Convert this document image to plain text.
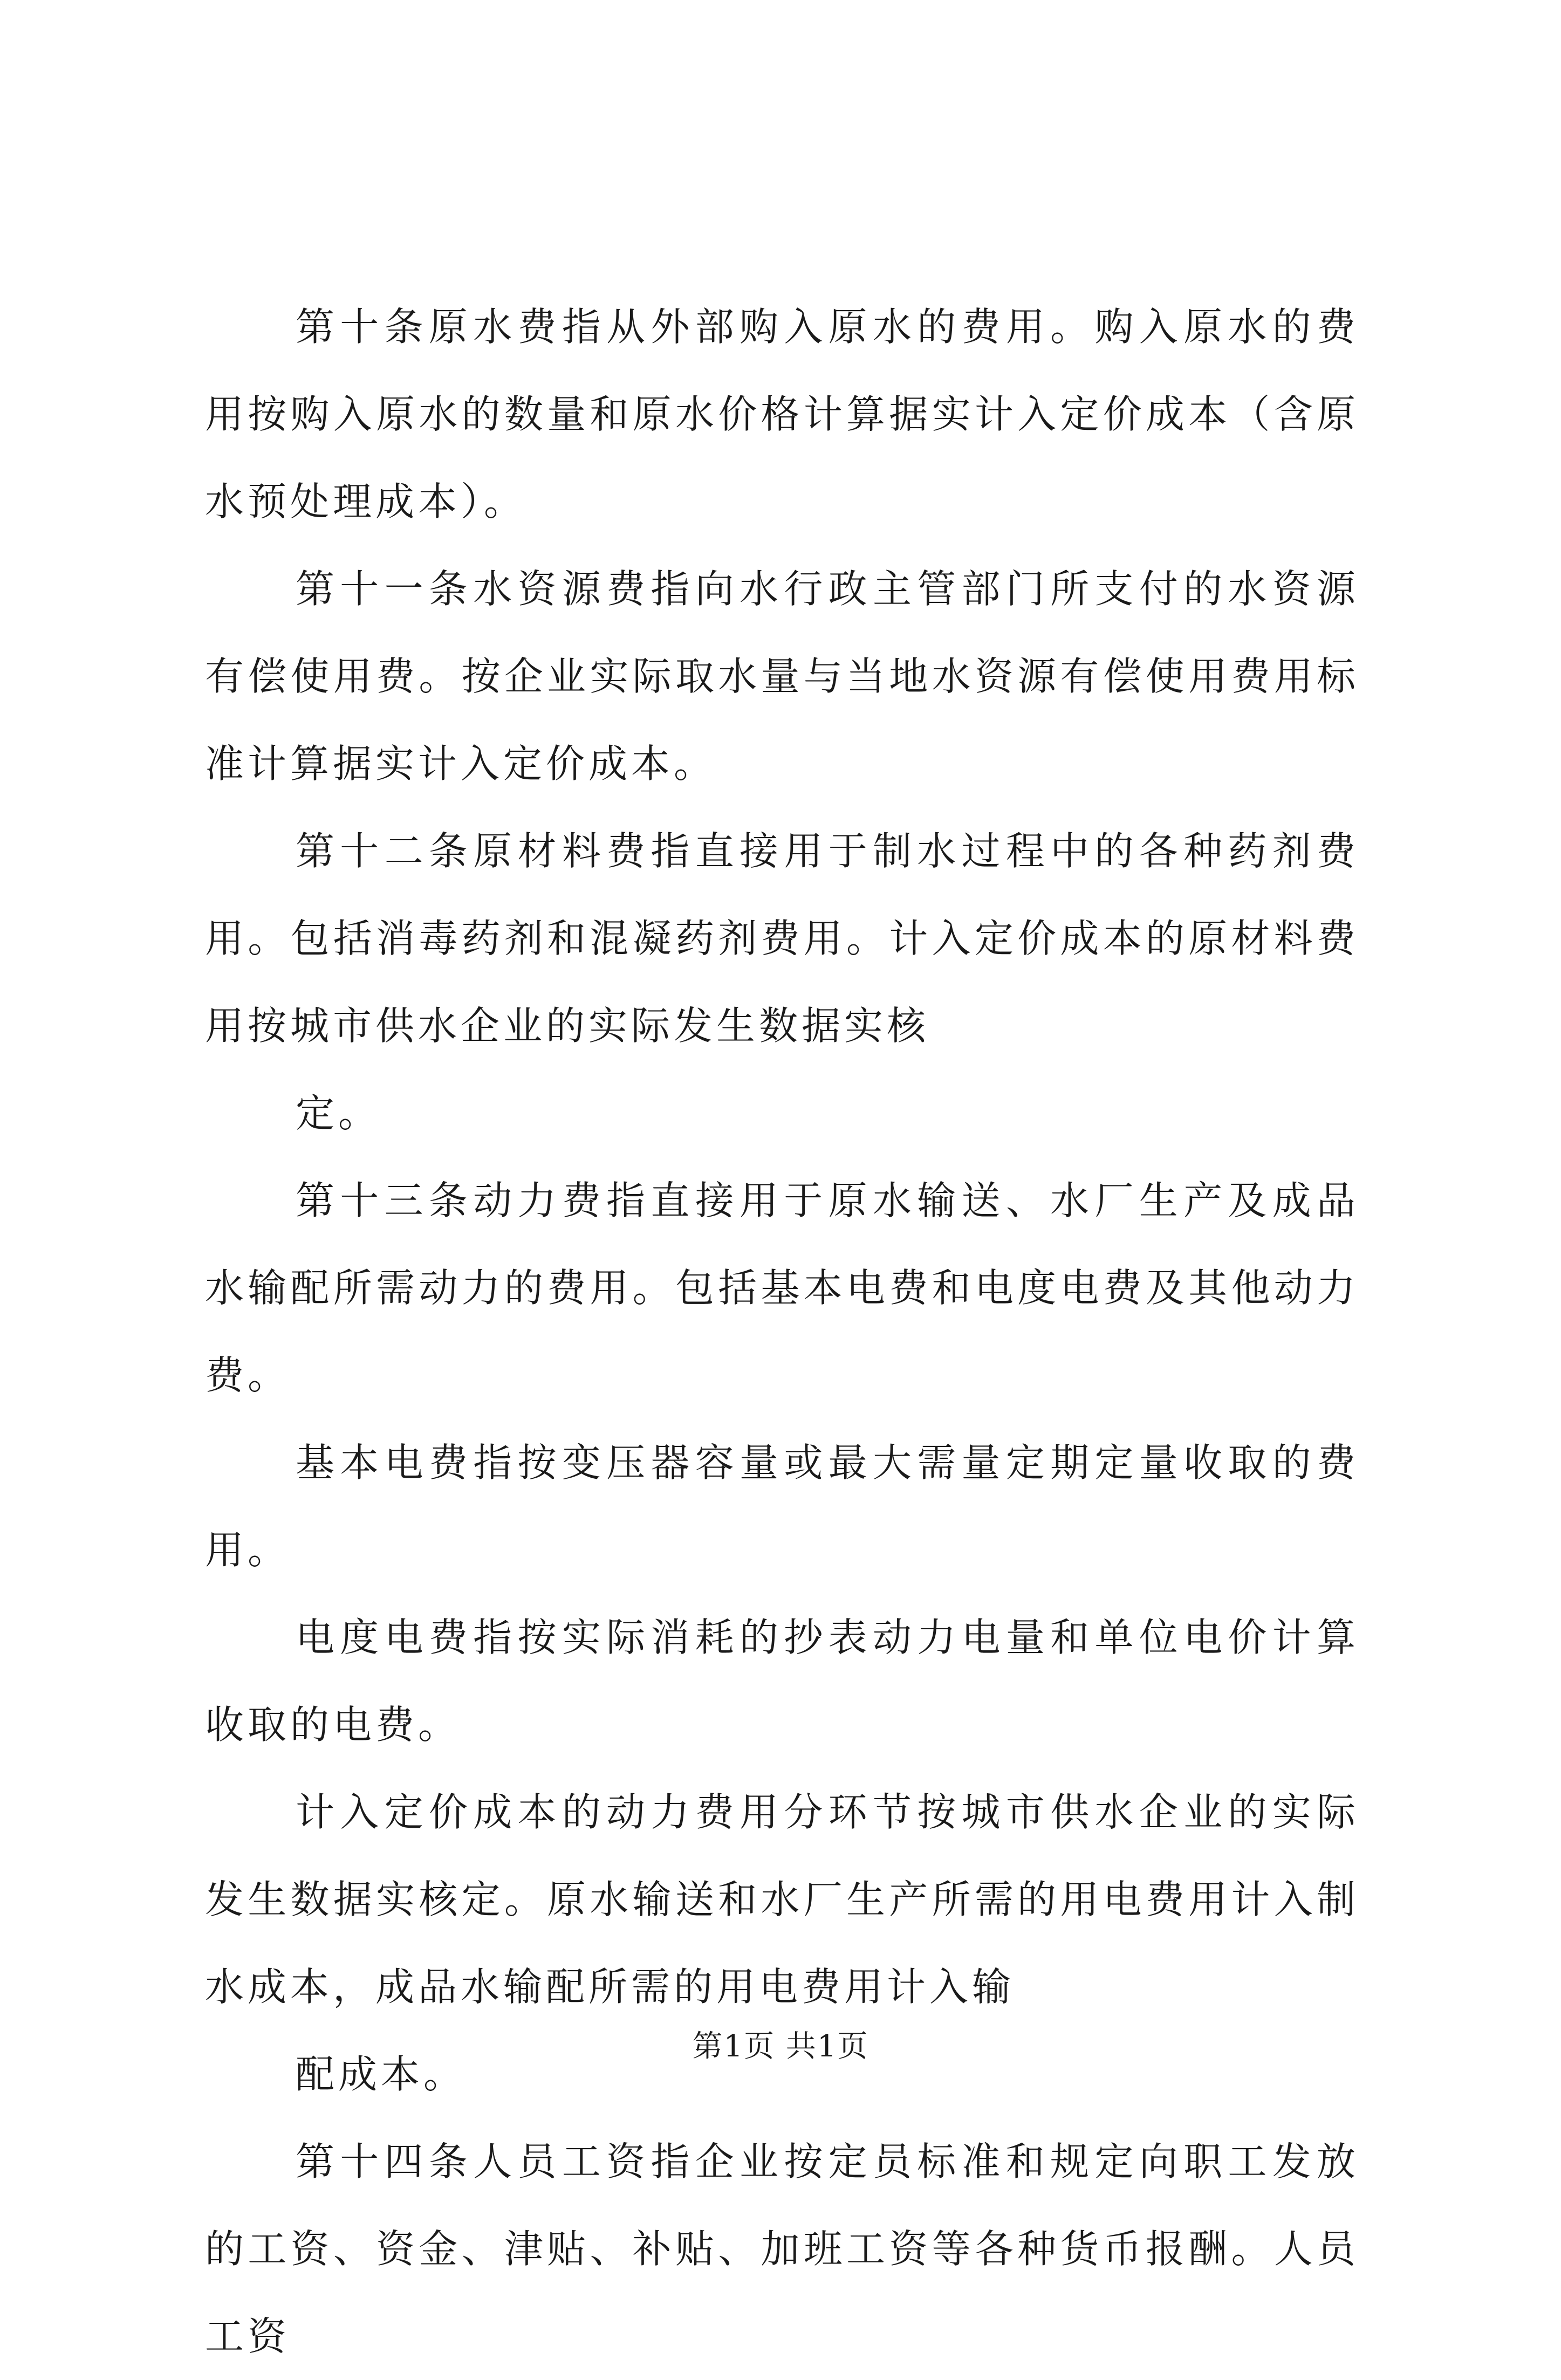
第十条原水费指从外部购入原水的费用。购入原水的费用按购入原水的数量和原水价格计算据实计入定价成本（含原水预处理成本）。

第十一条水资源费指向水行政主管部门所支付的水资源有偿使用费。按企业实际取水量与当地水资源有偿使用费用标准计算据实计入定价成本。

第十二条原材料费指直接用于制水过程中的各种药剂费用。包括消毒药剂和混凝药剂费用。计入定价成本的原材料费用按城市供水企业的实际发生数据实核

定。

第十三条动力费指直接用于原水输送、水厂生产及成品水输配所需动力的费用。包括基本电费和电度电费及其他动力费。

基本电费指按变压器容量或最大需量定期定量收取的费用。

电度电费指按实际消耗的抄表动力电量和单位电价计算收取的电费。

计入定价成本的动力费用分环节按城市供水企业的实际发生数据实核定。原水输送和水厂生产所需的用电费用计入制水成本，成品水输配所需的用电费用计入输

配成本。

第十四条人员工资指企业按定员标准和规定向职工发放的工资、资金、津贴、补贴、加班工资等各种货币报酬。人员工资

第1页 共1页
